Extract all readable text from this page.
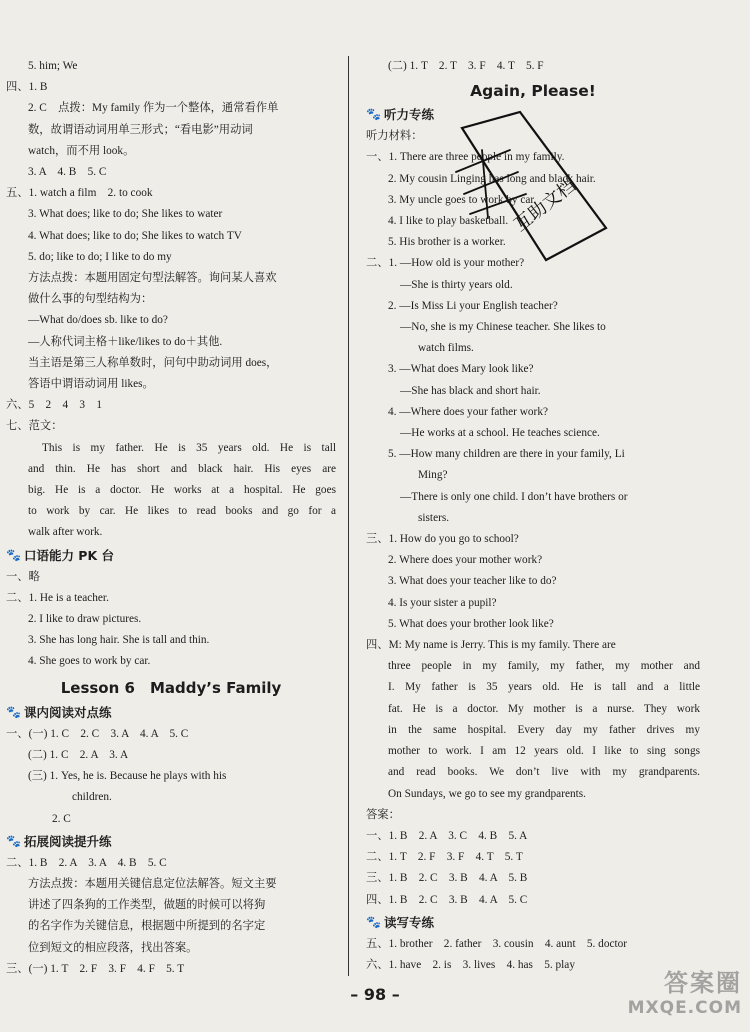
5. him; We
四、1. B
2. C　点拨：My family 作为一个整体，通常看作单
数，故谓语动词用单三形式；“看电影”用动词
watch，而不用 look。
3. A　4. B　5. C
五、1. watch a film　2. to cook
3. What does; like to do; She likes to water
4. What does; like to do; She likes to watch TV
5. do; like to do; I like to do my
方法点拨：本题用固定句型法解答。询问某人喜欢
做什么事的句型结构为：
—What do/does sb. like to do?
—人称代词主格＋like/likes to do＋其他.
当主语是第三人称单数时，问句中助动词用 does，
答语中谓语动词用 likes。
六、5　2　4　3　1
七、范文：
This is my father. He is 35 years old. He is tall
and thin. He has short and black hair. His eyes are
big. He is a doctor. He works at a hospital. He goes
to work by car. He likes to read books and go for a
walk after work.
🐾 口语能力 PK 台
一、略
二、1. He is a teacher.
2. I like to draw pictures.
3. She has long hair. She is tall and thin.
4. She goes to work by car.
Lesson 6　Maddy’s Family
🐾 课内阅读对点练
一、(一) 1. C　2. C　3. A　4. A　5. C
(二) 1. C　2. A　3. A
(三) 1. Yes, he is. Because he plays with his
children.
2. C
🐾 拓展阅读提升练
二、1. B　2. A　3. A　4. B　5. C
方法点拨：本题用关键信息定位法解答。短文主要
讲述了四条狗的工作类型，做题的时候可以将狗
的名字作为关键信息，根据题中所提到的名字定
位到短文的相应段落，找出答案。
三、(一) 1. T　2. F　3. F　4. F　5. T
(二) 1. T　2. T　3. F　4. T　5. F
Again, Please!
🐾 听力专练
听力材料：
一、1. There are three people in my family.
2. My cousin Linging has long and black hair.
3. My uncle goes to work by car.
4. I like to play basketball.
5. His brother is a worker.
二、1. —How old is your mother?
—She is thirty years old.
2. —Is Miss Li your English teacher?
—No, she is my Chinese teacher. She likes to
watch films.
3. —What does Mary look like?
—She has black and short hair.
4. —Where does your father work?
—He works at a school. He teaches science.
5. —How many children are there in your family, Li
Ming?
—There is only one child. I don’t have brothers or
sisters.
三、1. How do you go to school?
2. Where does your mother work?
3. What does your teacher like to do?
4. Is your sister a pupil?
5. What does your brother look like?
四、M: My name is Jerry. This is my family. There are
three people in my family, my father, my mother and
I. My father is 35 years old. He is tall and a little
fat. He is a doctor. My mother is a nurse. They work
in the same hospital. Every day my father drives my
mother to work. I am 12 years old. I like to sing songs
and read books. We don’t live with my grandparents.
On Sundays, we go to see my grandparents.
答案：
一、1. B　2. A　3. C　4. B　5. A
二、1. T　2. F　3. F　4. T　5. T
三、1. B　2. C　3. B　4. A　5. B
四、1. B　2. C　3. B　4. A　5. C
🐾 读写专练
五、1. brother　2. father　3. cousin　4. aunt　5. doctor
六、1. have　2. is　3. lives　4. has　5. play
互助文档
– 98 –	答案圈
MXQE.COM
